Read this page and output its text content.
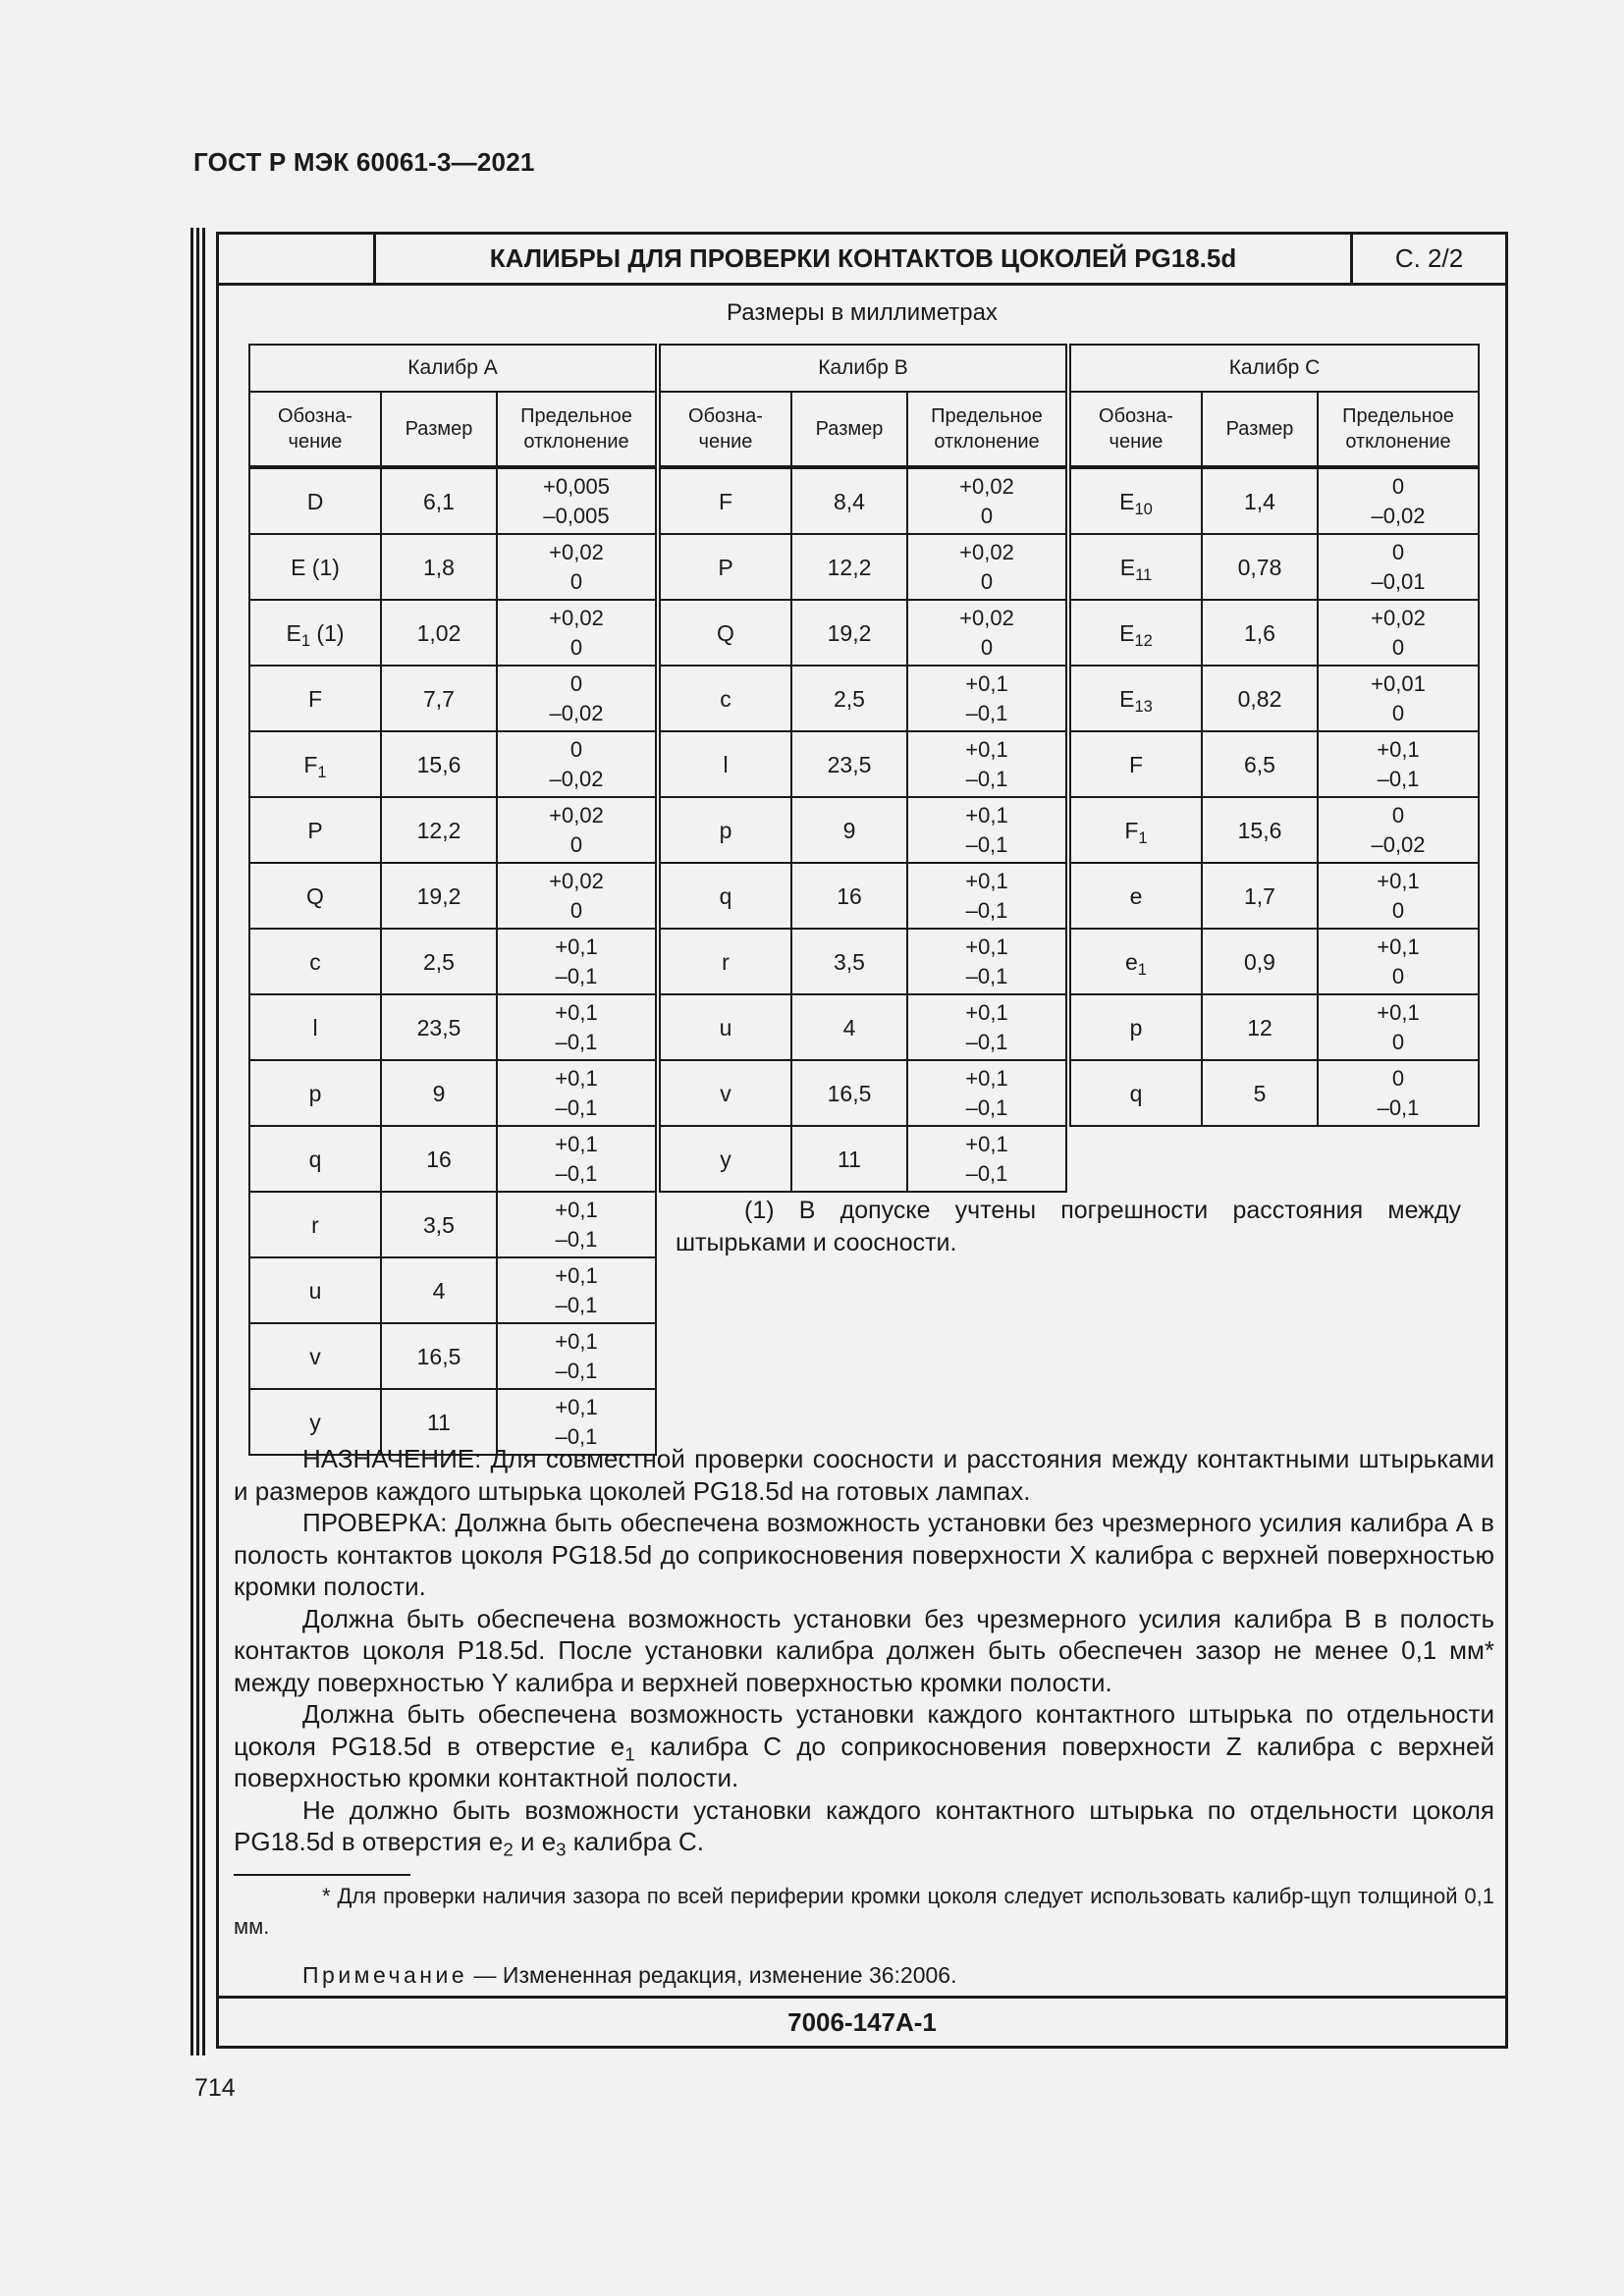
ГОСТ Р МЭК 60061-3—2021
КАЛИБРЫ ДЛЯ ПРОВЕРКИ КОНТАКТОВ ЦОКОЛЕЙ PG18.5d	С. 2/2
Размеры в миллиметрах
Калибр А		
Обозна-
чение	Размер	Предельное
отклонение
D	6,1	+0,005
–0,005

E (1)	1,8	+0,02
0

$E_1$ (1)	1,02	+0,02
0

F	7,7	0
–0,02

$F_1$	15,6	0
–0,02

P	12,2	+0,02
0

Q	19,2	+0,02
0

c	2,5	+0,1
–0,1

l	23,5	+0,1
–0,1

p	9	+0,1
–0,1

q	16	+0,1
–0,1

r	3,5	+0,1
–0,1

u	4	+0,1
–0,1

v	16,5	+0,1
–0,1

y	11	+0,1
–0,1
Калибр В		
Обозна-
чение	Размер	Предельное
отклонение
F	8,4	+0,02
0

P	12,2	+0,02
0

Q	19,2	+0,02
0

c	2,5	+0,1
–0,1

l	23,5	+0,1
–0,1

p	9	+0,1
–0,1

q	16	+0,1
–0,1

r	3,5	+0,1
–0,1

u	4	+0,1
–0,1

v	16,5	+0,1
–0,1

y	11	+0,1
–0,1
Калибр С		
Обозна-
чение	Размер	Предельное
отклонение
$E_{10}$	1,4	0
–0,02

$E_{11}$	0,78	0
–0,01

$E_{12}$	1,6	+0,02
0

$E_{13}$	0,82	+0,01
0

F	6,5	+0,1
–0,1

$F_1$	15,6	0
–0,02

e	1,7	+0,1
0

$e_1$	0,9	+0,1
0

p	12	+0,1
0

q	5	0
–0,1
(1) В допуске учтены погрешности расстояния между штырьками и соосности.

НАЗНАЧЕНИЕ: Для совместной проверки соосности и расстояния между контактными штырьками и размеров каждого штырька цоколей PG18.5d на готовых лампах.

ПРОВЕРКА: Должна быть обеспечена возможность установки без чрезмерного усилия калибра А в полость контактов цоколя PG18.5d до соприкосновения поверхности X калибра с верхней поверхностью кромки полости.

Должна быть обеспечена возможность установки без чрезмерного усилия калибра В в полость контактов цоколя P18.5d. После установки калибра должен быть обеспечен зазор не менее 0,1 мм* между поверхностью Y калибра и верхней поверхностью кромки полости.

Должна быть обеспечена возможность установки каждого контактного штырька по отдельности цоколя PG18.5d в отверстие $e_1$ калибра С до соприкосновения поверхности Z калибра с верхней поверхностью кромки контактной полости.

Не должно быть возможности установки каждого контактного штырька по отдельности цоколя PG18.5d в отверстия $e_2$ и $e_3$ калибра С.

* Для проверки наличия зазора по всей периферии кромки цоколя следует использовать калибр-щуп толщиной 0,1 мм.
Примечание — Измененная редакция, изменение 36:2006.
7006-147А-1
714
